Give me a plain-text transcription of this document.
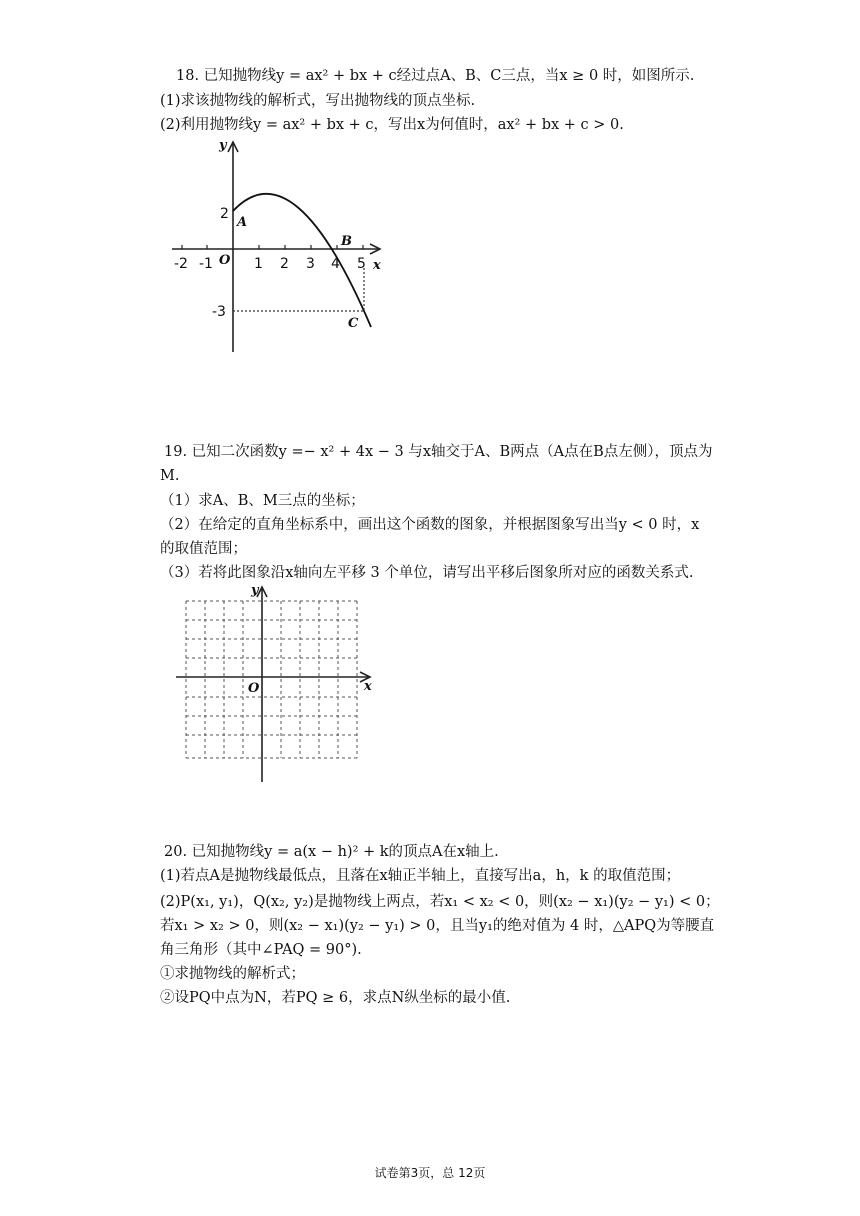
18. 已知抛物线y = ax² + bx + c经过点A、B、C三点，当x ≥ 0 时，如图所示.
(1)求该抛物线的解析式，写出抛物线的顶点坐标.
(2)利用抛物线y = ax² + bx + c，写出x为何值时，ax² + bx + c > 0.
y
x
-2 -1 O 1 2 3 4 5
2
-3
A
B
C
19. 已知二次函数y =− x² + 4x − 3 与x轴交于A、B两点（A点在B点左侧），顶点为
M.
（1）求A、B、M三点的坐标；
（2）在给定的直角坐标系中，画出这个函数的图象，并根据图象写出当y < 0 时，x
的取值范围；
（3）若将此图象沿x轴向左平移 3 个单位，请写出平移后图象所对应的函数关系式.
y
x
O
20. 已知抛物线y = a(x − h)² + k的顶点A在x轴上.
(1)若点A是抛物线最低点，且落在x轴正半轴上，直接写出a，h，k 的取值范围；
(2)P(x₁, y₁)，Q(x₂, y₂)是抛物线上两点，若x₁ < x₂ < 0，则(x₂ − x₁)(y₂ − y₁) < 0；
若x₁ > x₂ > 0，则(x₂ − x₁)(y₂ − y₁) > 0，且当y₁的绝对值为 4 时，△APQ为等腰直
角三角形（其中∠PAQ = 90°).
①求抛物线的解析式；
②设PQ中点为N，若PQ ≥ 6，求点N纵坐标的最小值.
试卷第3页，总 12页
